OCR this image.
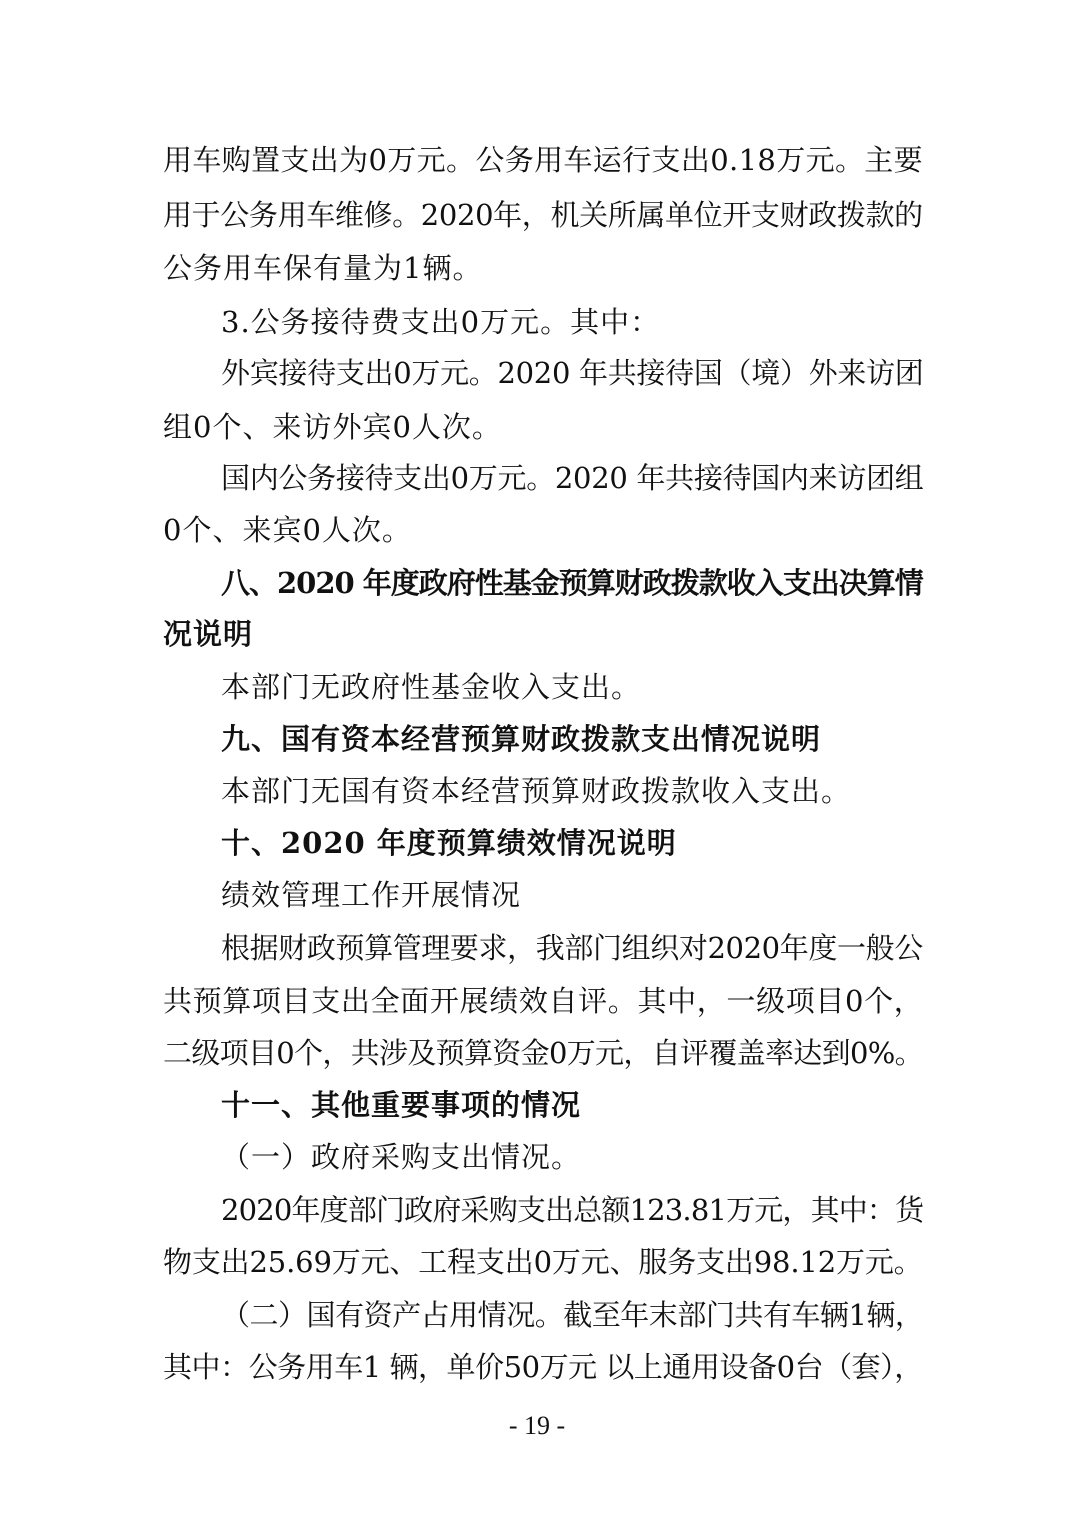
用车购置支出为0万元。公务用车运行支出0.18万元。主要
用于公务用车维修。2020年，机关所属单位开支财政拨款的
公务用车保有量为1辆。
3.公务接待费支出0万元。其中：
外宾接待支出0万元。2020 年共接待国（境）外来访团
组0个、来访外宾0人次。
国内公务接待支出0万元。2020 年共接待国内来访团组
0个、来宾0人次。
八、2020 年度政府性基金预算财政拨款收入支出决算情
况说明
本部门无政府性基金收入支出。
九、国有资本经营预算财政拨款支出情况说明
本部门无国有资本经营预算财政拨款收入支出。
十、2020 年度预算绩效情况说明
绩效管理工作开展情况
根据财政预算管理要求，我部门组织对2020年度一般公
共预算项目支出全面开展绩效自评。其中，一级项目0个，
二级项目0个，共涉及预算资金0万元，自评覆盖率达到0%。
十一、其他重要事项的情况
（一）政府采购支出情况。
2020年度部门政府采购支出总额123.81万元，其中：货
物支出25.69万元、工程支出0万元、服务支出98.12万元。
（二）国有资产占用情况。截至年末部门共有车辆1辆，
其中：公务用车1 辆，单价50万元 以上通用设备0台（套），
- 19 -
